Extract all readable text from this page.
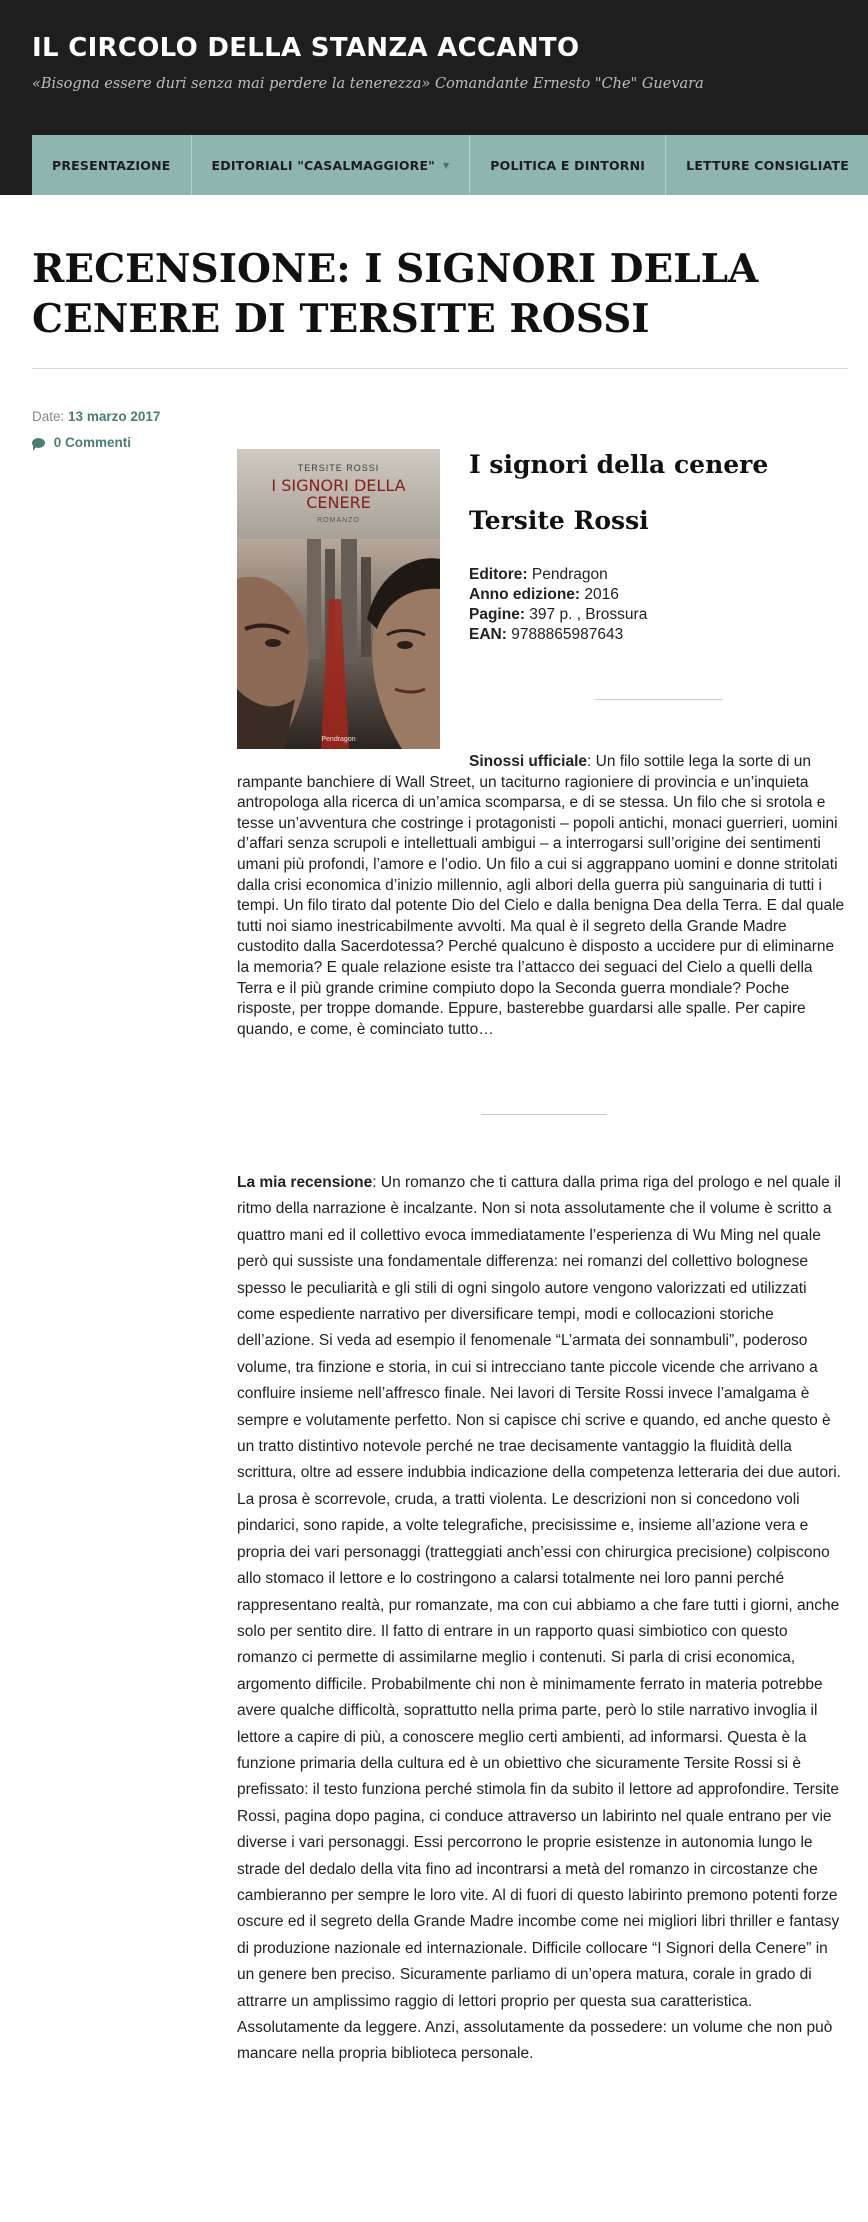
IL CIRCOLO DELLA STANZA ACCANTO

«Bisogna essere duri senza mai perdere la tenerezza» Comandante Ernesto "Che" Guevara

PRESENTAZIONE	EDITORIALI "CASALMAGGIORE" ▼	POLITICA E DINTORNI	LETTURE CONSIGLIATE
RECENSIONE: I SIGNORI DELLA CENERE DI TERSITE ROSSI
Date: 13 marzo 2017
0 Commenti
TERSITE ROSSI
I SIGNORI DELLA CENERE
ROMANZO
Pendragon
I signori della cenere
Tersite Rossi
Editore: Pendragon
Anno edizione: 2016
Pagine: 397 p. , Brossura
EAN: 9788865987643

Sinossi ufficiale: Un filo sottile lega la sorte di un rampante banchiere di Wall Street, un taciturno ragioniere di provincia e un’inquieta antropologa alla ricerca di un’amica scomparsa, e di se stessa. Un filo che si srotola e tesse un’avventura che costringe i protagonisti – popoli antichi, monaci guerrieri, uomini d’affari senza scrupoli e intellettuali ambigui – a interrogarsi sull’origine dei sentimenti umani più profondi, l’amore e l’odio. Un filo a cui si aggrappano uomini e donne stritolati dalla crisi economica d’inizio millennio, agli albori della guerra più sanguinaria di tutti i tempi. Un filo tirato dal potente Dio del Cielo e dalla benigna Dea della Terra. E dal quale tutti noi siamo inestricabilmente avvolti. Ma qual è il segreto della Grande Madre custodito dalla Sacerdotessa? Perché qualcuno è disposto a uccidere pur di eliminarne la memoria? E quale relazione esiste tra l’attacco dei seguaci del Cielo a quelli della Terra e il più grande crimine compiuto dopo la Seconda guerra mondiale? Poche risposte, per troppe domande. Eppure, basterebbe guardarsi alle spalle. Per capire quando, e come, è cominciato tutto…

La mia recensione: Un romanzo che ti cattura dalla prima riga del prologo e nel quale il ritmo della narrazione è incalzante. Non si nota assolutamente che il volume è scritto a quattro mani ed il collettivo evoca immediatamente l’esperienza di Wu Ming nel quale però qui sussiste una fondamentale differenza: nei romanzi del collettivo bolognese spesso le peculiarità e gli stili di ogni singolo autore vengono valorizzati ed utilizzati come espediente narrativo per diversificare tempi, modi e collocazioni storiche dell’azione. Si veda ad esempio il fenomenale “L’armata dei sonnambuli”, poderoso volume, tra finzione e storia, in cui si intrecciano tante piccole vicende che arrivano a confluire insieme nell’affresco finale. Nei lavori di Tersite Rossi invece l’amalgama è sempre e volutamente perfetto. Non si capisce chi scrive e quando, ed anche questo è un tratto distintivo notevole perché ne trae decisamente vantaggio la fluidità della scrittura, oltre ad essere indubbia indicazione della competenza letteraria dei due autori. La prosa è scorrevole, cruda, a tratti violenta. Le descrizioni non si concedono voli pindarici, sono rapide, a volte telegrafiche, precisissime e, insieme all’azione vera e propria dei vari personaggi (tratteggiati anch’essi con chirurgica precisione) colpiscono allo stomaco il lettore e lo costringono a calarsi totalmente nei loro panni perché rappresentano realtà, pur romanzate, ma con cui abbiamo a che fare tutti i giorni, anche solo per sentito dire. Il fatto di entrare in un rapporto quasi simbiotico con questo romanzo ci permette di assimilarne meglio i contenuti. Si parla di crisi economica, argomento difficile. Probabilmente chi non è minimamente ferrato in materia potrebbe avere qualche difficoltà, soprattutto nella prima parte, però lo stile narrativo invoglia il lettore a capire di più, a conoscere meglio certi ambienti, ad informarsi. Questa è la funzione primaria della cultura ed è un obiettivo che sicuramente Tersite Rossi si è prefissato: il testo funziona perché stimola fin da subito il lettore ad approfondire. Tersite Rossi, pagina dopo pagina, ci conduce attraverso un labirinto nel quale entrano per vie diverse i vari personaggi. Essi percorrono le proprie esistenze in autonomia lungo le strade del dedalo della vita fino ad incontrarsi a metà del romanzo in circostanze che cambieranno per sempre le loro vite. Al di fuori di questo labirinto premono potenti forze oscure ed il segreto della Grande Madre incombe come nei migliori libri thriller e fantasy di produzione nazionale ed internazionale. Difficile collocare “I Signori della Cenere” in un genere ben preciso. Sicuramente parliamo di un’opera matura, corale in grado di attrarre un amplissimo raggio di lettori proprio per questa sua caratteristica. Assolutamente da leggere. Anzi, assolutamente da possedere: un volume che non può mancare nella propria biblioteca personale.
